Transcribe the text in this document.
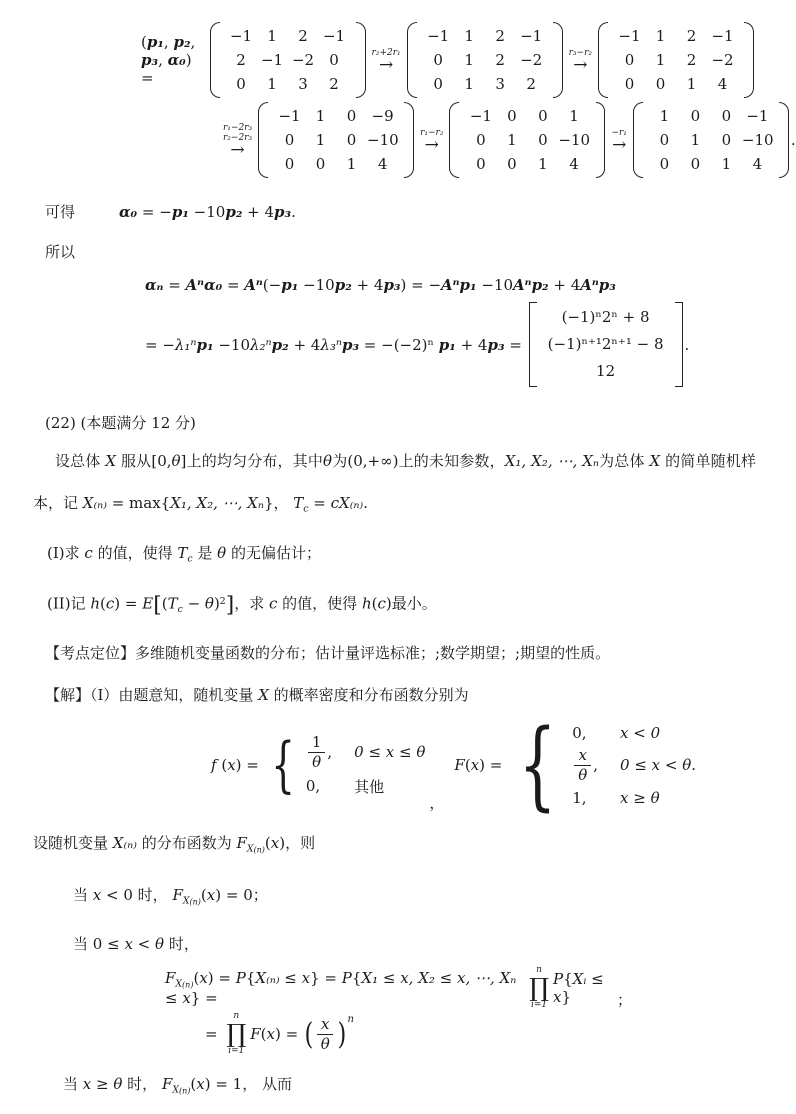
(p₁, p₂, p₃, α₀) =
−1	1	2	−1
2	−1 −2	0
0	1	3	2
r₂+2r₁
→
−1	1	2	−1
0	1	2	−2
0	1	3	2
r₃−r₂
→
−1	1	2	−1
0	1	2	−2
0	0	1	4
r₁−2r₃
r₂−2r₃
→
−1	1	0	−9
0	1	0 −10
0	0	1	4
r₁−r₂
→
−1	0	0	1
0	1	0 −10
0	0	1	4
−r₁
→
1	0	0	−1
0	1	0 −10
0	0	1	4
.
可得	α₀ = −p₁ −10p₂ + 4p₃.
所以
αₙ = Aⁿα₀ = Aⁿ(−p₁ −10p₂ + 4p₃) = −Aⁿp₁ −10Aⁿp₂ + 4Aⁿp₃
= −λ₁ⁿp₁ −10λ₂ⁿp₂ + 4λ₃ⁿp₃ = −(−2)ⁿ p₁ + 4p₃ =
(−1)ⁿ2ⁿ + 8
(−1)ⁿ⁺¹2ⁿ⁺¹ − 8
12
.
(22) (本题满分 12 分)
设总体 X 服从[0,θ]上的均匀分布，其中θ为(0,+∞)上的未知参数，X₁, X₂, ⋯, Xₙ为总体 X 的简单随机样
本，记 X₍ₙ₎ = max{X₁, X₂, ⋯, Xₙ}， $T_c = cX_{(n)}$.
(I)求 c 的值，使得 $T_c$ 是 θ 的无偏估计；
(II)记 $h(c) = E[(T_c - \theta)^2]$，求 c 的值，使得 h(c)最小。
【考点定位】多维随机变量函数的分布；估计量评选标准；;数学期望；;期望的性质。
【解】（I）由题意知，随机变量 X 的概率密度和分布函数分别为
f (x) = { $\frac{1}{\theta}$ , 0 ≤ x ≤ θ
0, 其他
，
F(x) = { 0, x < 0
$\frac{x}{\theta}$ , 0 ≤ x < θ.
1, x ≥ θ
设随机变量 X₍ₙ₎ 的分布函数为 $F_{X(n)}(x)$，则
当 x < 0 时， $F_{X(n)}(x) = 0$；
当 0 ≤ x < θ 时，
$F_{X(n)}(x) = P\{X_{(n)} \le x\} = P\{X_1 \le x$, X₂ ≤ x, ⋯, Xₙ ≤ x} =
n
∏
i=1
P{Xᵢ ≤ x}	；
=
n
∏
i=1
F(x) = ( $\frac{x}{\theta}$ ) n
当 x ≥ θ 时， $F_{X(n)}(x) = 1$， 从而
